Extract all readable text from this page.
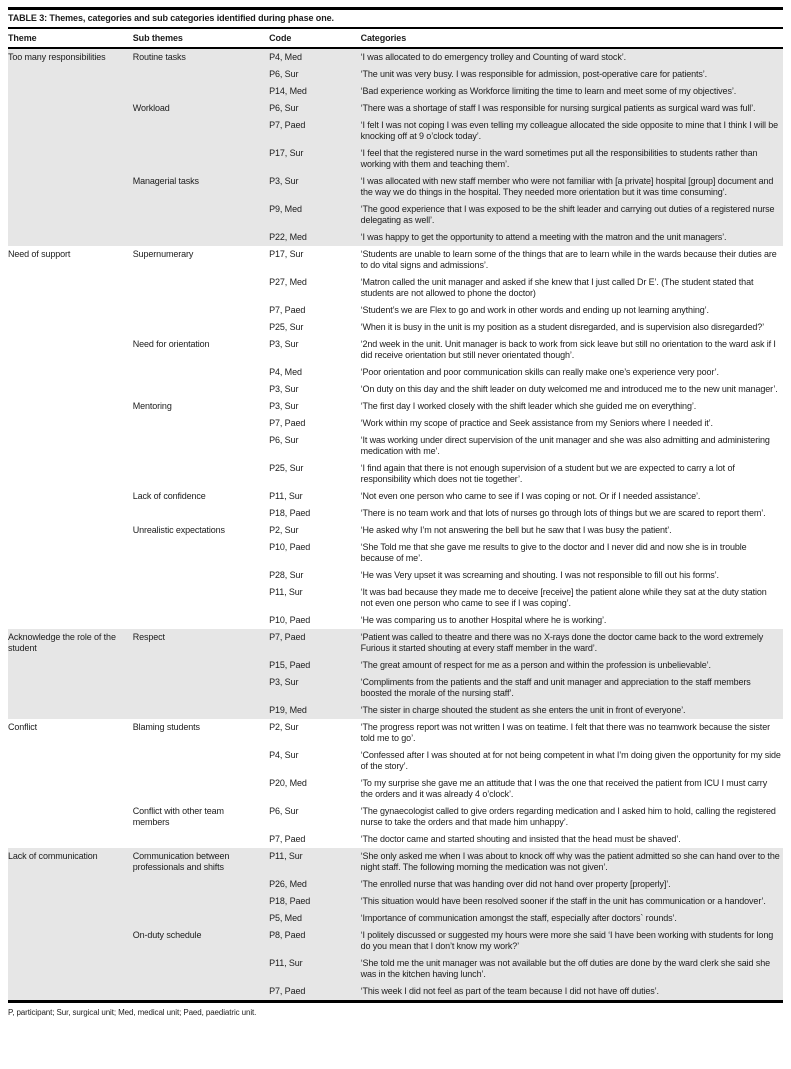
TABLE 3: Themes, categories and sub categories identified during phase one.
Theme	Sub themes	Code	Categories
Too many responsibilities	Routine tasks	P4, Med	‘I was allocated to do emergency trolley and Counting of ward stock’.
		P6, Sur	‘The unit was very busy. I was responsible for admission, post-operative care for patients’.
		P14, Med	‘Bad experience working as Workforce limiting the time to learn and meet some of my objectives’.
	Workload	P6, Sur	‘There was a shortage of staff I was responsible for nursing surgical patients as surgical ward was full’.
		P7, Paed	‘I felt I was not coping I was even telling my colleague allocated the side opposite to mine that I think I will be knocking off at 9 o’clock today’.
		P17, Sur	‘I feel that the registered nurse in the ward sometimes put all the responsibilities to students rather than working with them and teaching them’.
	Managerial tasks	P3, Sur	‘I was allocated with new staff member who were not familiar with [a private] hospital [group] document and the way we do things in the hospital. They needed more orientation but it was time consuming’.
		P9, Med	‘The good experience that I was exposed to be the shift leader and carrying out duties of a registered nurse delegating as well’.
		P22, Med	‘I was happy to get the opportunity to attend a meeting with the matron and the unit managers’.
Need of support	Supernumerary	P17, Sur	‘Students are unable to learn some of the things that are to learn while in the wards because their duties are to do vital signs and admissions’.
		P27, Med	‘Matron called the unit manager and asked if she knew that I just called Dr E’. (The student stated that students are not allowed to phone the doctor)
		P7, Paed	‘Student’s we are Flex to go and work in other words and ending up not learning anything’.
		P25, Sur	‘When it is busy in the unit is my position as a student disregarded, and is supervision also disregarded?’
	Need for orientation	P3, Sur	‘2nd week in the unit. Unit manager is back to work from sick leave but still no orientation to the ward ask if I did receive orientation but still never orientated though’.
		P4, Med	‘Poor orientation and poor communication skills can really make one’s experience very poor’.
		P3, Sur	‘On duty on this day and the shift leader on duty welcomed me and introduced me to the new unit manager’.
	Mentoring	P3, Sur	‘The first day I worked closely with the shift leader which she guided me on everything’.
		P7, Paed	‘Work within my scope of practice and Seek assistance from my Seniors where I needed it’.
		P6, Sur	‘It was working under direct supervision of the unit manager and she was also admitting and administering medication with me’.
		P25, Sur	‘I find again that there is not enough supervision of a student but we are expected to carry a lot of responsibility which does not tie together’.
	Lack of confidence	P11, Sur	‘Not even one person who came to see if I was coping or not. Or if I needed assistance’.
		P18, Paed	‘There is no team work and that lots of nurses go through lots of things but we are scared to report them’.
	Unrealistic expectations	P2, Sur	‘He asked why I’m not answering the bell but he saw that I was busy the patient’.
		P10, Paed	‘She Told me that she gave me results to give to the doctor and I never did and now she is in trouble because of me’.
		P28, Sur	‘He was Very upset it was screaming and shouting. I was not responsible to fill out his forms’.
		P11, Sur	‘It was bad because they made me to deceive [receive] the patient alone while they sat at the duty station not even one person who came to see if I was coping’.
		P10, Paed	‘He was comparing us to another Hospital where he is working’.
Acknowledge the role of the student	Respect	P7, Paed	‘Patient was called to theatre and there was no X-rays done the doctor came back to the word extremely Furious it started shouting at every staff member in the ward’.
		P15, Paed	‘The great amount of respect for me as a person and within the profession is unbelievable’.
		P3, Sur	‘Compliments from the patients and the staff and unit manager and appreciation to the staff members boosted the morale of the nursing staff’.
		P19, Med	‘The sister in charge shouted the student as she enters the unit in front of everyone’.
Conflict	Blaming students	P2, Sur	‘The progress report was not written I was on teatime. I felt that there was no teamwork because the sister told me to go’.
		P4, Sur	‘Confessed after I was shouted at for not being competent in what I’m doing given the opportunity for my side of the story’.
		P20, Med	‘To my surprise she gave me an attitude that I was the one that received the patient from ICU I must carry the orders and it was already 4 o’clock’.
	Conflict with other team members	P6, Sur	‘The gynaecologist called to give orders regarding medication and I asked him to hold, calling the registered nurse to take the orders and that made him unhappy’.
		P7, Paed	‘The doctor came and started shouting and insisted that the head must be shaved’.
Lack of communication	Communication between professionals and shifts	P11, Sur	‘She only asked me when I was about to knock off why was the patient admitted so she can hand over to the night staff. The following morning the medication was not given’.
		P26, Med	‘The enrolled nurse that was handing over did not hand over property [properly]’.
		P18, Paed	‘This situation would have been resolved sooner if the staff in the unit has communication or a handover’.
		P5, Med	‘Importance of communication amongst the staff, especially after doctors` rounds’.
	On-duty schedule	P8, Paed	‘I politely discussed or suggested my hours were more she said ‘I have been working with students for long do you mean that I don’t know my work?’
		P11, Sur	‘She told me the unit manager was not available but the off duties are done by the ward clerk she said she was in the kitchen having lunch’.
		P7, Paed	‘This week I did not feel as part of the team because I did not have off duties’.
P, participant; Sur, surgical unit; Med, medical unit; Paed, paediatric unit.
